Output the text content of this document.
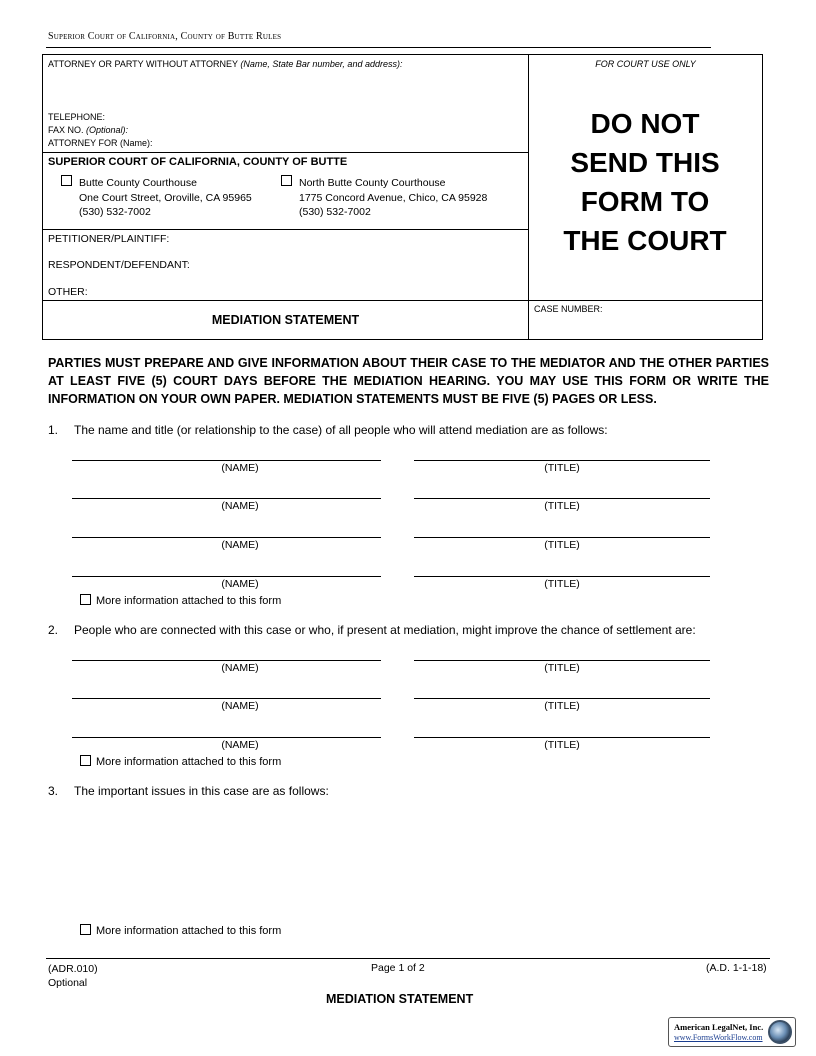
Superior Court of California, County of Butte Rules
ATTORNEY OR PARTY WITHOUT ATTORNEY (Name, State Bar number, and address):
TELEPHONE:
FAX NO. (Optional):
ATTORNEY FOR (Name):
SUPERIOR COURT OF CALIFORNIA, COUNTY OF BUTTE
Butte County Courthouse
One Court Street, Oroville, CA 95965
(530) 532-7002
North Butte County Courthouse
1775 Concord Avenue, Chico, CA 95928
(530) 532-7002
PETITIONER/PLAINTIFF:
RESPONDENT/DEFENDANT:
OTHER:
MEDIATION STATEMENT
FOR COURT USE ONLY
DO NOT
SEND THIS
FORM TO
THE COURT
CASE NUMBER:
PARTIES MUST PREPARE AND GIVE INFORMATION ABOUT THEIR CASE TO THE MEDIATOR AND THE OTHER PARTIES AT LEAST FIVE (5) COURT DAYS BEFORE THE MEDIATION HEARING. YOU MAY USE THIS FORM OR WRITE THE INFORMATION ON YOUR OWN PAPER. MEDIATION STATEMENTS MUST BE FIVE (5) PAGES OR LESS.
1. The name and title (or relationship to the case) of all people who will attend mediation are as follows:
(NAME)	(TITLE)
(NAME)	(TITLE)
(NAME)	(TITLE)
(NAME)	(TITLE)
More information attached to this form
2. People who are connected with this case or who, if present at mediation, might improve the chance of settlement are:
(NAME)	(TITLE)
(NAME)	(TITLE)
(NAME)	(TITLE)
More information attached to this form
3. The important issues in this case are as follows:
More information attached to this form
(ADR.010)
Optional
Page 1 of 2	(A.D. 1-1-18)
MEDIATION STATEMENT
American LegalNet, Inc.
www.FormsWorkFlow.com
